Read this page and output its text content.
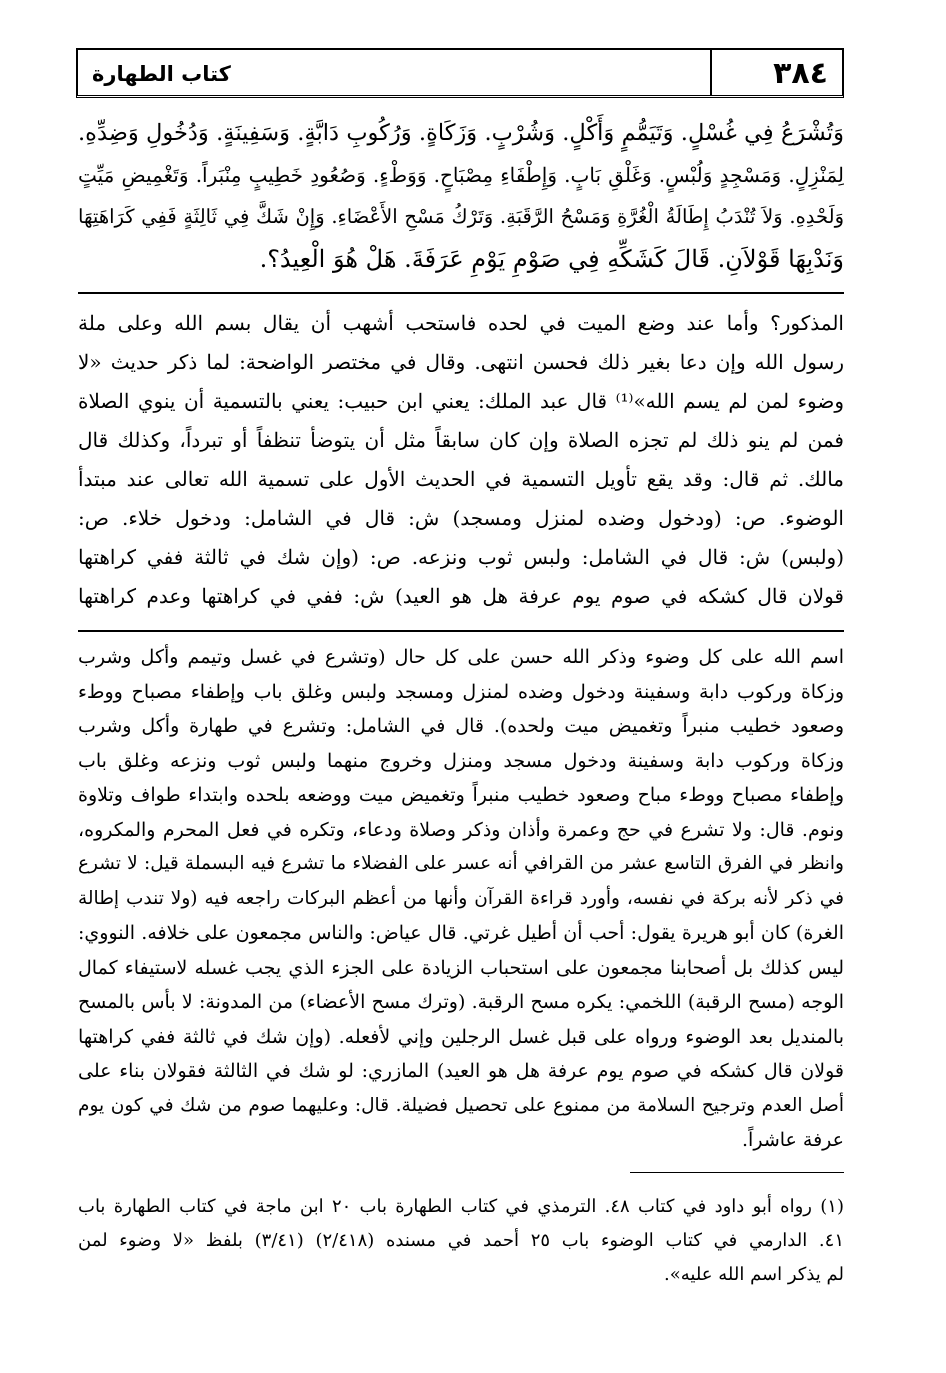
٣٨٤
كتاب الطهارة
وَتُشْرَعُ فِي غُسْلٍ. وَتَيَمُّمٍ وَأَكْلٍ. وَشُرْبٍ. وَزَكَاةٍ. وَرُكُوبِ دَابَّةٍ. وَسَفِينَةٍ. وَدُخُولِ وَضِدِّهِ.
لِمَنْزِلٍ. وَمَسْجِدٍ وَلُبْسٍ. وَغَلْقِ بَابٍ. وَإِطْفَاءِ مِصْبَاحٍ. وَوَطْءٍ. وَصُعُودِ خَطِيبٍ مِنْبَراً. وَتَغْمِيضِ مَيِّتٍ
وَلَحْدِهِ. وَلاَ تُنْدَبُ إِطَالَةُ الْغُرَّةِ وَمَسْحُ الرَّقَبَةِ. وَتَرْكُ مَسْحِ الأَعْضَاءِ. وَإِنْ شَكَّ فِي ثَالِثَةٍ فَفِي كَرَاهَتِهَا
وَنَدْبِهَا قَوْلاَنِ. قَالَ كَشَكِّهِ فِي صَوْمِ يَوْمِ عَرَفَةَ. هَلْ هُوَ الْعِيدُ؟.
المذكور؟ وأما عند وضع الميت في لحده فاستحب أشهب أن يقال بسم الله وعلى ملة
رسول الله وإن دعا بغير ذلك فحسن انتهى. وقال في مختصر الواضحة: لما ذكر حديث «لا
وضوء لمن لم يسم الله»⁽¹⁾ قال عبد الملك: يعني ابن حبيب: يعني بالتسمية أن ينوي الصلاة
فمن لم ينو ذلك لم تجزه الصلاة وإن كان سابقاً مثل أن يتوضأ تنظفاً أو تبرداً، وكذلك قال
مالك. ثم قال: وقد يقع تأويل التسمية في الحديث الأول على تسمية الله تعالى عند مبتدأ
الوضوء. ص: (ودخول وضده لمنزل ومسجد) ش: قال في الشامل: ودخول خلاء. ص:
(ولبس) ش: قال في الشامل: ولبس ثوب ونزعه. ص: (وإن شك في ثالثة ففي كراهتها
قولان قال كشكه في صوم يوم عرفة هل هو العيد) ش: ففي في كراهتها وعدم كراهتها
اسم الله على كل وضوء وذكر الله حسن على كل حال (وتشرع في غسل وتيمم وأكل وشرب
وزكاة وركوب دابة وسفينة ودخول وضده لمنزل ومسجد ولبس وغلق باب وإطفاء مصباح ووطء
وصعود خطيب منبراً وتغميض ميت ولحده). قال في الشامل: وتشرع في طهارة وأكل وشرب
وزكاة وركوب دابة وسفينة ودخول مسجد ومنزل وخروج منهما ولبس ثوب ونزعه وغلق باب
وإطفاء مصباح ووطء مباح وصعود خطيب منبراً وتغميض ميت ووضعه بلحده وابتداء طواف وتلاوة
ونوم. قال: ولا تشرع في حج وعمرة وأذان وذكر وصلاة ودعاء، وتكره في فعل المحرم والمكروه،
وانظر في الفرق التاسع عشر من القرافي أنه عسر على الفضلاء ما تشرع فيه البسملة قيل: لا تشرع
في ذكر لأنه بركة في نفسه، وأورد قراءة القرآن وأنها من أعظم البركات راجعه فيه (ولا تندب إطالة
الغرة) كان أبو هريرة يقول: أحب أن أطيل غرتي. قال عياض: والناس مجمعون على خلافه. النووي:
ليس كذلك بل أصحابنا مجمعون على استحباب الزيادة على الجزء الذي يجب غسله لاستيفاء كمال
الوجه (مسح الرقبة) اللخمي: يكره مسح الرقبة. (وترك مسح الأعضاء) من المدونة: لا بأس بالمسح
بالمنديل بعد الوضوء ورواه على قبل غسل الرجلين وإني لأفعله. (وإن شك في ثالثة ففي كراهتها
قولان قال كشكه في صوم يوم عرفة هل هو العيد) المازري: لو شك في الثالثة فقولان بناء على
أصل العدم وترجيح السلامة من ممنوع على تحصيل فضيلة. قال: وعليهما صوم من شك في كون يوم
عرفة عاشراً.
(١) رواه أبو داود في كتاب ٤٨. الترمذي في كتاب الطهارة باب ٢٠ ابن ماجة في كتاب الطهارة باب
٤١. الدارمي في كتاب الوضوء باب ٢٥ أحمد في مسنده (٢/٤١٨) (٣/٤١) بلفظ «لا وضوء لمن
لم يذكر اسم الله عليه».
